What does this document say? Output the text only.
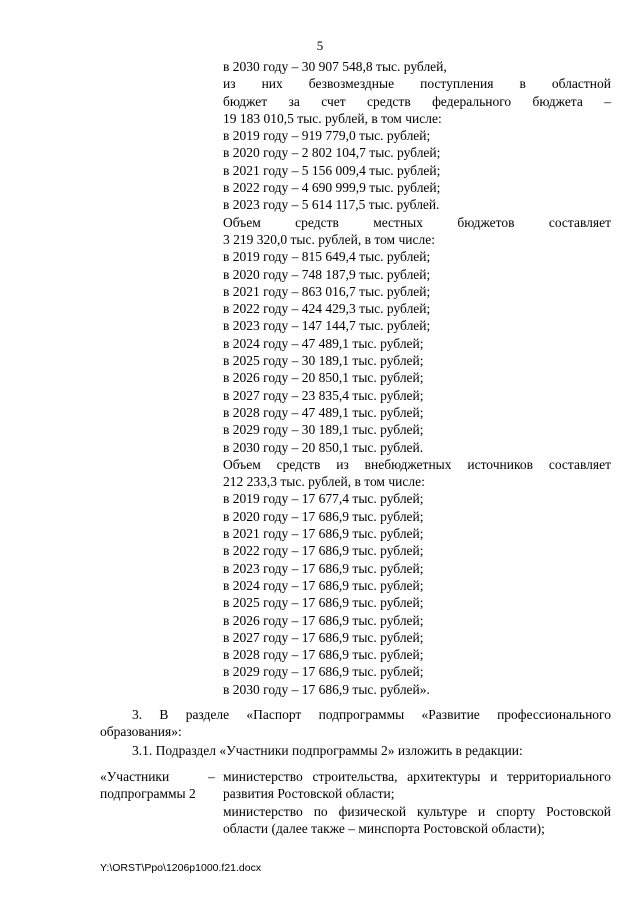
5
в 2030 году – 30 907 548,8 тыс. рублей,
из них безвозмездные поступления в областной
бюджет за счет средств федерального бюджета –
19 183 010,5 тыс. рублей, в том числе:
в 2019 году – 919 779,0 тыс. рублей;
в 2020 году – 2 802 104,7 тыс. рублей;
в 2021 году – 5 156 009,4 тыс. рублей;
в 2022 году – 4 690 999,9 тыс. рублей;
в 2023 году – 5 614 117,5 тыс. рублей.
Объем средств местных бюджетов составляет
3 219 320,0 тыс. рублей, в том числе:
в 2019 году – 815 649,4 тыс. рублей;
в 2020 году – 748 187,9 тыс. рублей;
в 2021 году – 863 016,7 тыс. рублей;
в 2022 году – 424 429,3 тыс. рублей;
в 2023 году – 147 144,7 тыс. рублей;
в 2024 году – 47 489,1 тыс. рублей;
в 2025 году – 30 189,1 тыс. рублей;
в 2026 году – 20 850,1 тыс. рублей;
в 2027 году – 23 835,4 тыс. рублей;
в 2028 году – 47 489,1 тыс. рублей;
в 2029 году – 30 189,1 тыс. рублей;
в 2030 году – 20 850,1 тыс. рублей.
Объем средств из внебюджетных источников составляет
212 233,3 тыс. рублей, в том числе:
в 2019 году – 17 677,4 тыс. рублей;
в 2020 году – 17 686,9 тыс. рублей;
в 2021 году – 17 686,9 тыс. рублей;
в 2022 году – 17 686,9 тыс. рублей;
в 2023 году – 17 686,9 тыс. рублей;
в 2024 году – 17 686,9 тыс. рублей;
в 2025 году – 17 686,9 тыс. рублей;
в 2026 году – 17 686,9 тыс. рублей;
в 2027 году – 17 686,9 тыс. рублей;
в 2028 году – 17 686,9 тыс. рублей;
в 2029 году – 17 686,9 тыс. рублей;
в 2030 году – 17 686,9 тыс. рублей».
3. В разделе «Паспорт подпрограммы «Развитие профессионального
образования»:
3.1. Подраздел «Участники подпрограммы 2» изложить в редакции:
«Участники
подпрограммы 2
– министерство строительства, архитектуры и территориального
развития Ростовской области;

министерство по физической культуре и спорту Ростовской
области (далее также – минспорта Ростовской области);
Y:\ORST\Ppo\1206p1000.f21.docx
